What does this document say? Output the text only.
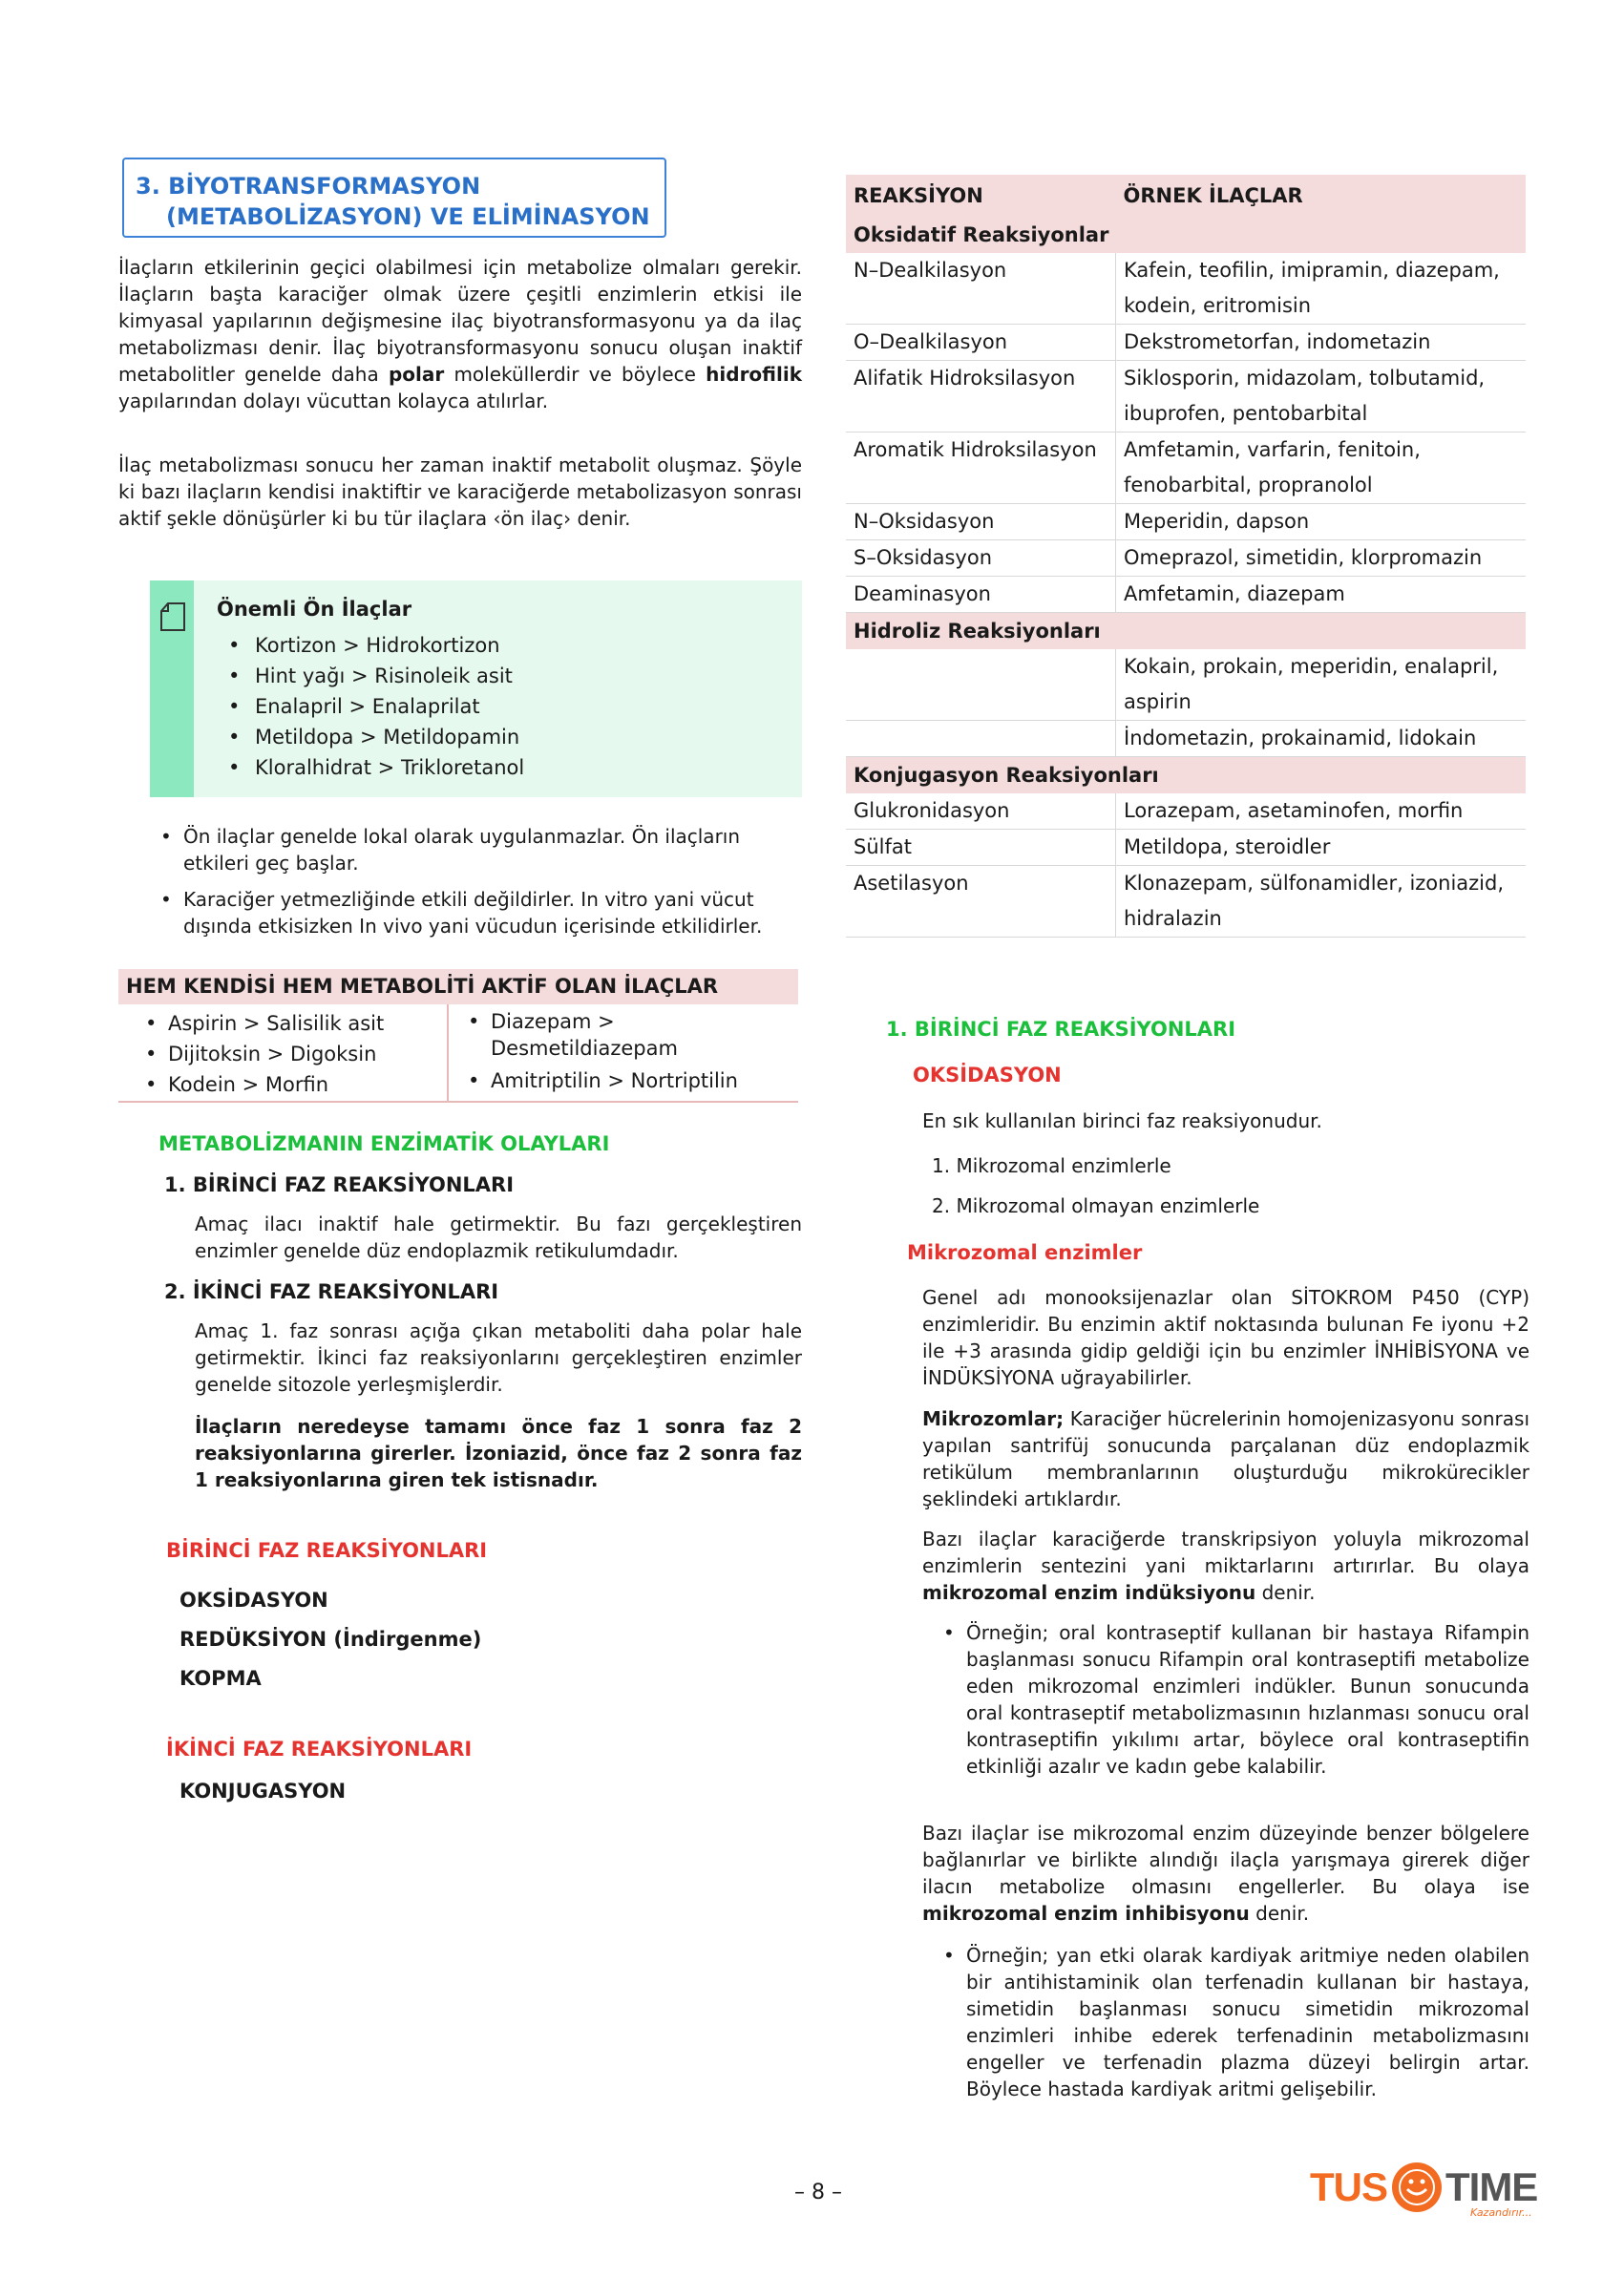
3. BİYOTRANSFORMASYON
(METABOLİZASYON) VE ELİMİNASYON

İlaçların etkilerinin geçici olabilmesi için metabolize olmaları gerekir. İlaçların başta karaciğer olmak üzere çeşitli enzimlerin etkisi ile kimyasal yapılarının değişmesine ilaç biyotransformasyonu ya da ilaç metabolizması denir. İlaç biyotransformasyonu sonucu oluşan inaktif metabolitler genelde daha polar moleküllerdir ve böylece hidrofilik yapılarından dolayı vücuttan kolayca atılırlar.

İlaç metabolizması sonucu her zaman inaktif metabolit oluşmaz. Şöyle ki bazı ilaçların kendisi inaktiftir ve karaciğerde metabolizasyon sonrası aktif şekle dönüşürler ki bu tür ilaçlara ‹ön ilaç› denir.

• Ön ilaçlar genelde lokal olarak uygulanmazlar. Ön ilaçların etkileri geç başlar.
• Karaciğer yetmezliğinde etkili değildirler. In vitro yani vücut dışında etkisizken In vivo yani vücudun içerisinde etkilidirler.
METABOLİZMANIN ENZİMATİK OLAYLARI
1. BİRİNCİ FAZ REAKSİYONLARI

Amaç ilacı inaktif hale getirmektir. Bu fazı gerçekleştiren enzimler genelde düz endoplazmik retikulumdadır.

2. İKİNCİ FAZ REAKSİYONLARI

Amaç 1. faz sonrası açığa çıkan metaboliti daha polar hale getirmektir. İkinci faz reaksiyonlarını gerçekleştiren enzimler genelde sitozole yerleşmişlerdir.

İlaçların neredeyse tamamı önce faz 1 sonra faz 2 reaksiyonlarına girerler. İzoniazid, önce faz 2 sonra faz 1 reaksiyonlarına giren tek istisnadır.

BİRİNCİ FAZ REAKSİYONLARI
OKSİDASYON
REDÜKSİYON (İndirgenme)
KOPMA
İKİNCİ FAZ REAKSİYONLARI
KONJUGASYON
Önemli Ön İlaçlar
• Kortizon > Hidrokortizon
• Hint yağı > Risinoleik asit
• Enalapril > Enalaprilat
• Metildopa > Metildopamin
• Kloralhidrat > Trikloretanol
HEM KENDİSİ HEM METABOLİTİ AKTİF OLAN İLAÇLAR
• Aspirin > Salisilik asit
• Dijitoksin > Digoksin
• Kodein > Morfin
• Diazepam > Desmetildiazepam
• Amitriptilin > Nortriptilin
REAKSİYON	ÖRNEK İLAÇLAR
Oksidatif Reaksiyonlar	
N–Dealkilasyon	Kafein, teofilin, imipramin, diazepam, kodein, eritromisin
O–Dealkilasyon	Dekstrometorfan, indometazin
Alifatik Hidroksilasyon	Siklosporin, midazolam, tolbutamid, ibuprofen, pentobarbital
Aromatik Hidroksilasyon	Amfetamin, varfarin, fenitoin, fenobarbital, propranolol
N–Oksidasyon	Meperidin, dapson
S–Oksidasyon	Omeprazol, simetidin, klorpromazin
Deaminasyon	Amfetamin, diazepam
Hidroliz Reaksiyonları	
	Kokain, prokain, meperidin, enalapril, aspirin
	İndometazin, prokainamid, lidokain
Konjugasyon Reaksiyonları	
Glukronidasyon	Lorazepam, asetaminofen, morfin
Sülfat	Metildopa, steroidler
Asetilasyon	Klonazepam, sülfonamidler, izoniazid, hidralazin
1. BİRİNCİ FAZ REAKSİYONLARI
OKSİDASYON

En sık kullanılan birinci faz reaksiyonudur.

1. Mikrozomal enzimlerle
2. Mikrozomal olmayan enzimlerle
Mikrozomal enzimler

Genel adı monooksijenazlar olan SİTOKROM P450 (CYP) enzimleridir. Bu enzimin aktif noktasında bulunan Fe iyonu +2 ile +3 arasında gidip geldiği için bu enzimler İNHİBİSYONA ve İNDÜKSİYONA uğrayabilirler.

Mikrozomlar; Karaciğer hücrelerinin homojenizasyonu sonrası yapılan santrifüj sonucunda parçalanan düz endoplazmik retikülum membranlarının oluşturduğu mikrokürecikler şeklindeki artıklardır.

Bazı ilaçlar karaciğerde transkripsiyon yoluyla mikrozomal enzimlerin sentezini yani miktarlarını artırırlar. Bu olaya mikrozomal enzim indüksiyonu denir.

• Örneğin; oral kontraseptif kullanan bir hastaya Rifampin başlanması sonucu Rifampin oral kontraseptifi metabolize eden mikrozomal enzimleri indükler. Bunun sonucunda oral kontraseptif metabolizmasının hızlanması sonucu oral kontraseptifin yıkılımı artar, böylece oral kontraseptifin etkinliği azalır ve kadın gebe kalabilir.

Bazı ilaçlar ise mikrozomal enzim düzeyinde benzer bölgelere bağlanırlar ve birlikte alındığı ilaçla yarışmaya girerek diğer ilacın metabolize olmasını engellerler. Bu olaya ise mikrozomal enzim inhibisyonu denir.

• Örneğin; yan etki olarak kardiyak aritmiye neden olabilen bir antihistaminik olan terfenadin kullanan bir hastaya, simetidin başlanması sonucu simetidin mikrozomal enzimleri inhibe ederek terfenadinin metabolizmasını engeller ve terfenadin plazma düzeyi belirgin artar. Böylece hastada kardiyak aritmi gelişebilir.
– 8 –	TUS TIME
Kazandırır...
